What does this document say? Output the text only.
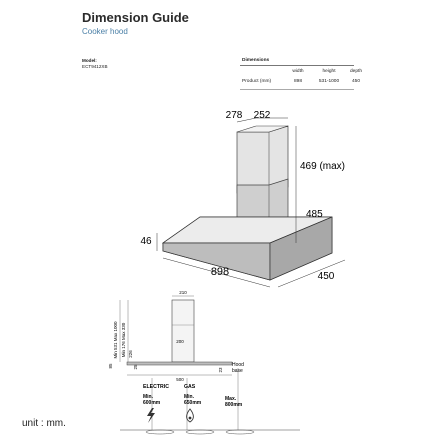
Dimension Guide
Cooker hood
Model:
ECT9412XB
Dimensions
width	height	depth
Product (mm)	898	531-1000	450
278 252
469 (max)
485
46
898	450
210
200
Min 531 Max 1000 Min 176 Max 330 226
25
85
23
500
Hood
base
ELECTRIC
Min.
600mm
GAS
Min.
650mm
Max.
800mm
unit : mm.
